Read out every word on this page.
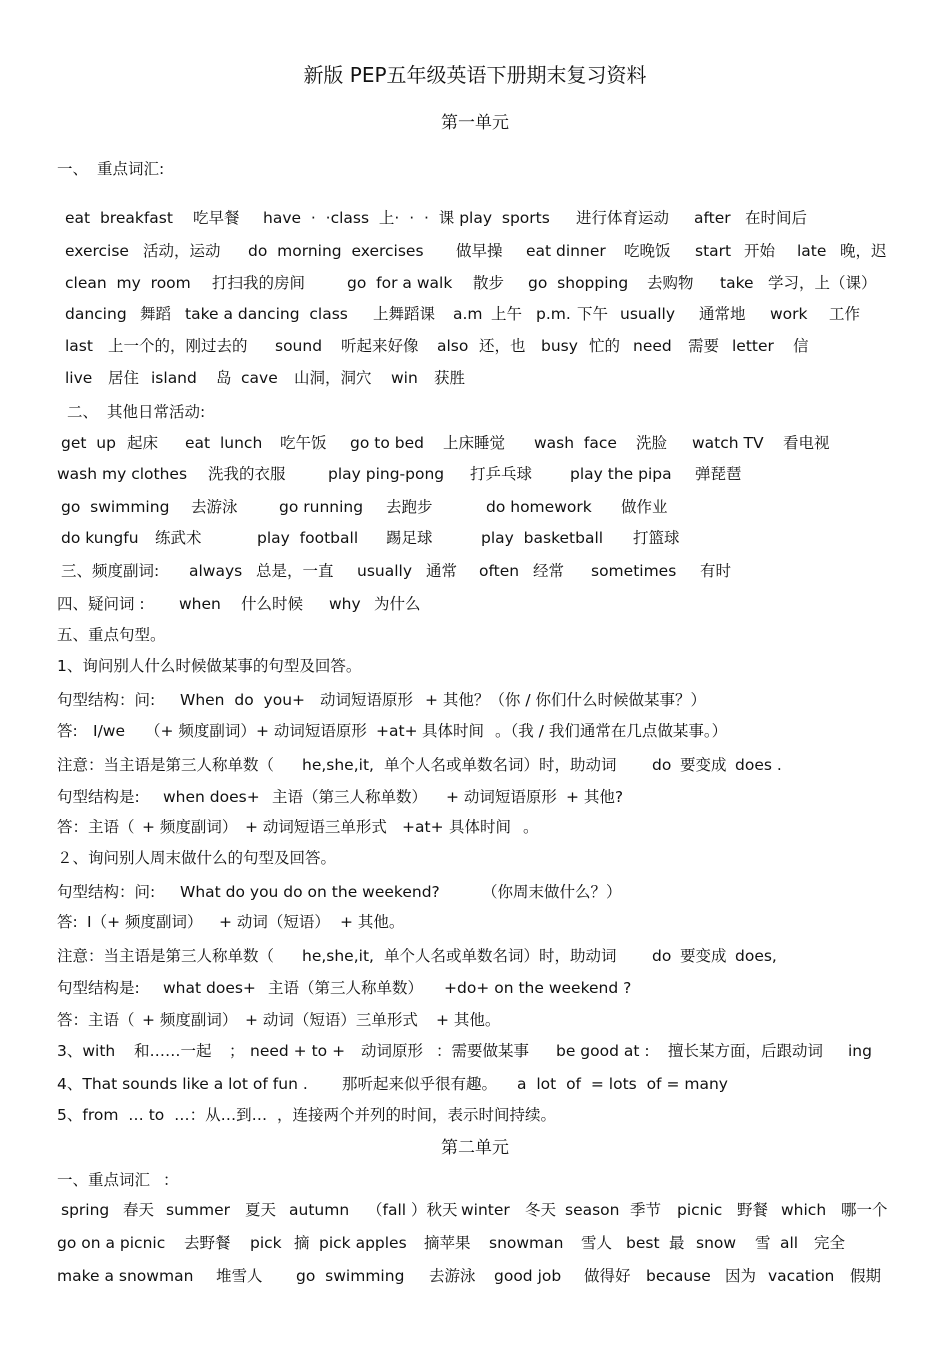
新版 PEP五年级英语下册期末复习资料
第一单元
第二单元
一、 重点词汇:
eat  breakfast 吃早餐 have  ·  ·class  上·  ·  ·  课 play  sports 进行体育运动 after 在时间后
exercise 活动，运动 do  morning  exercises 做早操 eat dinner 吃晚饭 start 开始 late 晚，迟
clean  my  room 打扫我的房间	go  for a walk 散步 go  shopping 去购物 take 学习，上（课）
dancing 舞蹈 take a dancing  class 上舞蹈课 a.m 上午 p.m. 下午 usually 通常地 work 工作
last 上一个的，刚过去的 sound 听起来好像 also 还，也 busy 忙的 need 需要 letter 信
live 居住 island 岛 cave 山洞，洞穴 win 获胜
二、 其他日常活动:
get  up 起床 eat  lunch 吃午饭 go to bed 上床睡觉 wash  face 洗脸 watch TV 看电视
wash my clothes 洗我的衣服	play ping-pong 打乒乓球 play the pipa 弹琵琶
go  swimming 去游泳	go running 去跑步	do homework 做作业
do kungfu 练武术	play  football 踢足球	play  basketball 打篮球
三、频度副词: always 总是，一直 usually 通常 often 经常 sometimes 有时
四、疑问词 : when 什么时候 why 为什么
五、重点句型。
1、询问别人什么时候做某事的句型及回答。
句型结构：问: When  do  you+ 动词短语原形 + 其他？（你 / 你们什么时候做某事？）
答: I/we （+ 频度副词） + 动词短语原形 +at+ 具体时间 。（我 / 我们通常在几点做某事。）
注意：当主语是第三人称单数（ he,she,it, 单个人名或单数名词）时，助动词 do 要变成 does .
句型结构是: when does+ 主语（第三人称单数） + 动词短语原形 + 其他?
答：主语（ + 频度副词） + 动词短语三单形式 +at+ 具体时间 。
２、询问别人周末做什么的句型及回答。
句型结构：问: What do you do on the weekend?	（你周末做什么？）
答: I（+ 频度副词） + 动词（短语） + 其他。
注意：当主语是第三人称单数（ he,she,it, 单个人名或单数名词）时，助动词 do 要变成 does,
句型结构是: what does+ 主语（第三人称单数） +do+ on the weekend ?
答：主语（ + 频度副词） + 动词（短语）三单形式 + 其他。
3、with 和……一起 ； need + to + 动词原形 ：需要做某事 be good at : 擅长某方面，后跟动词 ing
4、That sounds like a lot of fun . 那听起来似乎很有趣。 a  lot  of  = lots  of = many
5、from  … to  …：从…到…  ，连接两个并列的时间，表示时间持续。
一、重点词汇 ：
spring 春天 summer 夏天 autumn （fall ）秋天 winter 冬天 season 季节 picnic 野餐 which 哪一个
go on a picnic 去野餐 pick 摘 pick apples 摘苹果 snowman 雪人 best 最 snow 雪 all 完全
make a snowman 堆雪人 go  swimming 去游泳 good job 做得好 because 因为 vacation 假期
